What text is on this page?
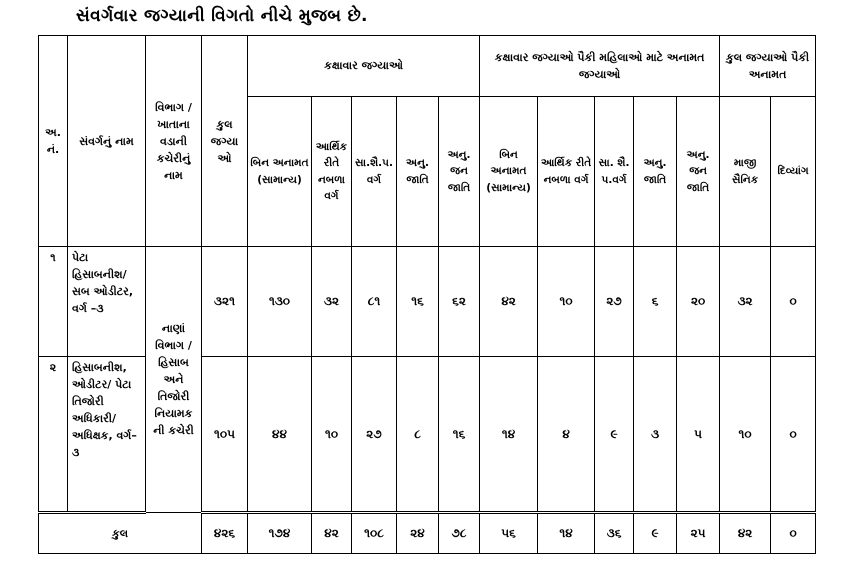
સંવર્ગવાર જગ્યાની વિગતો નીચે મુજબ છે.
અ. નં.	સંવર્ગનું નામ	વિભાગ /ખાતાના વડાની કચેરીનું નામ	કુલ જગ્યાઓ	કક્ષાવાર જગ્યાઓ					કક્ષાવાર જગ્યાઓ પૈકી મહિલાઓ માટે અનામત જગ્યાઓ					કુલ જગ્યાઓ પૈકી અનામત	
				બિન અનામત (સામાન્ય)	આર્થિક રીતે નબળા વર્ગ	સા.શૈ.પ.વર્ગ	અનુ. જાતિ	અનુ. જન જાતિ	બિન અનામત (સામાન્ય)	આર્થિક રીતે નબળા વર્ગ	સા. શૈ. પ.વર્ગ	અનુ. જાતિ	અનુ. જન જાતિ	માજી સૈનિક	દિવ્યાંગ
૧	પેટા હિસાબનીશ/ સબ ઓડીટર, વર્ગ –૩	નાણાં વિભાગ / હિસાબ અને તિજોરી નિયામક ની કચેરી	૩૨૧	૧૩૦	૩૨	૮૧	૧૬	૬૨	૪૨	૧૦	૨૭	૬	૨૦	૩૨	૦
૨	હિસાબનીશ, ઓડીટર/ પેટા તિજોરી અધિકારી/ અધિક્ષક, વર્ગ–૩		૧૦૫	૪૪	૧૦	૨૭	૮	૧૬	૧૪	૪	૯	૩	૫	૧૦	૦
કુલ			૪૨૬	૧૭૪	૪૨	૧૦૮	૨૪	૭૮	૫૬	૧૪	૩૬	૯	૨૫	૪૨	૦
